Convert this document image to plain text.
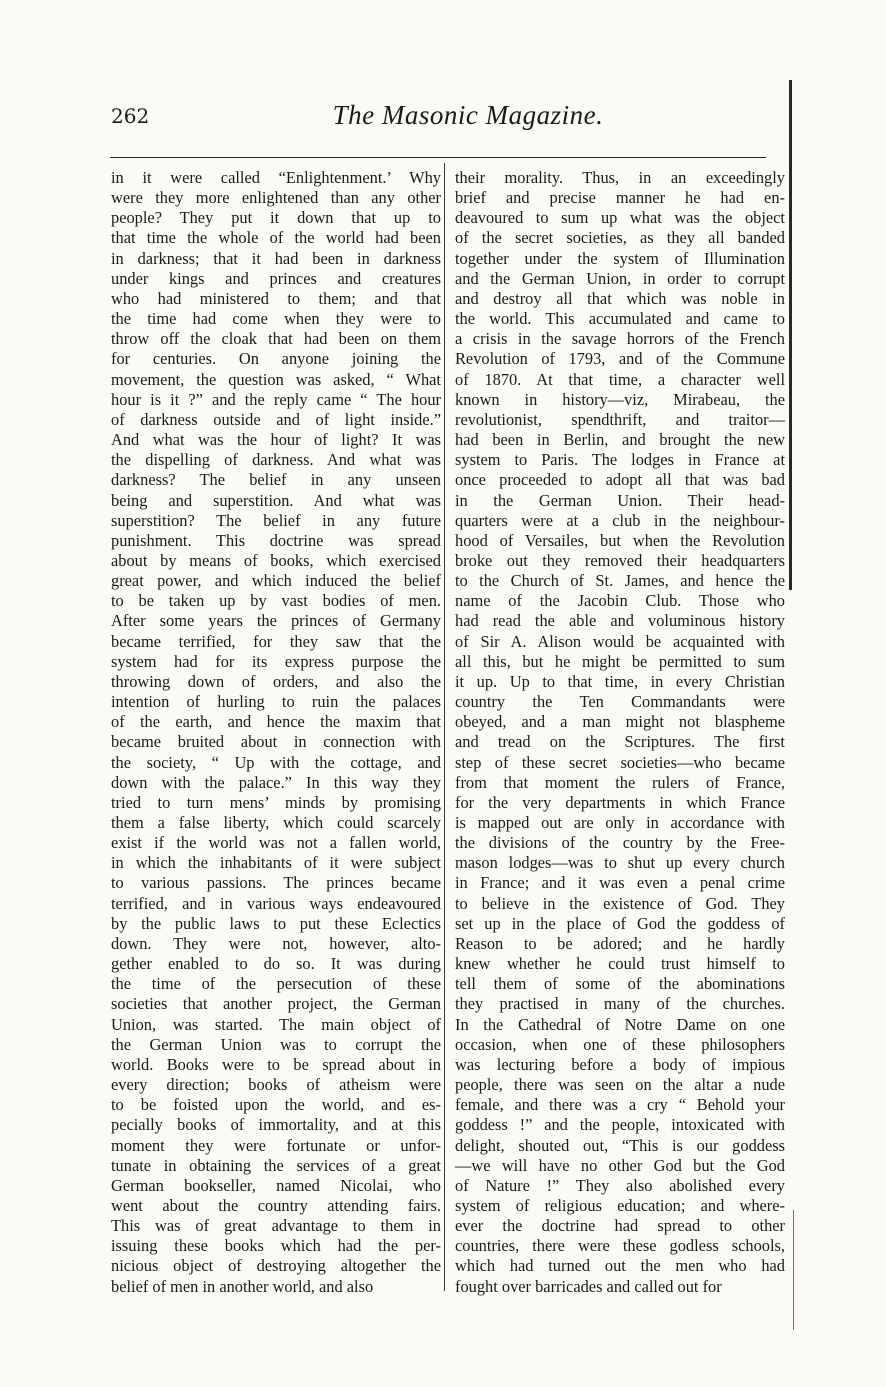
262	The Masonic Magazine.
in it were called “Enlightenment.’ Why
were they more enlightened than any other
people? They put it down that up to
that time the whole of the world had been
in darkness; that it had been in darkness
under kings and princes and creatures
who had ministered to them; and that
the time had come when they were to
throw off the cloak that had been on them
for centuries. On anyone joining the
movement, the question was asked, “ What
hour is it ?” and the reply came “ The hour
of darkness outside and of light inside.”
And what was the hour of light? It was
the dispelling of darkness. And what was
darkness? The belief in any unseen
being and superstition. And what was
superstition? The belief in any future
punishment. This doctrine was spread
about by means of books, which exercised
great power, and which induced the belief
to be taken up by vast bodies of men.
After some years the princes of Germany
became terrified, for they saw that the
system had for its express purpose the
throwing down of orders, and also the
intention of hurling to ruin the palaces
of the earth, and hence the maxim that
became bruited about in connection with
the society, “ Up with the cottage, and
down with the palace.” In this way they
tried to turn mens’ minds by promising
them a false liberty, which could scarcely
exist if the world was not a fallen world,
in which the inhabitants of it were subject
to various passions. The princes became
terrified, and in various ways endeavoured
by the public laws to put these Eclectics
down. They were not, however, alto-
gether enabled to do so. It was during
the time of the persecution of these
societies that another project, the German
Union, was started. The main object of
the German Union was to corrupt the
world. Books were to be spread about in
every direction; books of atheism were
to be foisted upon the world, and es-
pecially books of immortality, and at this
moment they were fortunate or unfor-
tunate in obtaining the services of a great
German bookseller, named Nicolai, who
went about the country attending fairs.
This was of great advantage to them in
issuing these books which had the per-
nicious object of destroying altogether the
belief of men in another world, and also
their morality. Thus, in an exceedingly
brief and precise manner he had en-
deavoured to sum up what was the object
of the secret societies, as they all banded
together under the system of Illumination
and the German Union, in order to corrupt
and destroy all that which was noble in
the world. This accumulated and came to
a crisis in the savage horrors of the French
Revolution of 1793, and of the Commune
of 1870. At that time, a character well
known in history—viz, Mirabeau, the
revolutionist, spendthrift, and traitor—
had been in Berlin, and brought the new
system to Paris. The lodges in France at
once proceeded to adopt all that was bad
in the German Union. Their head-
quarters were at a club in the neighbour-
hood of Versailes, but when the Revolution
broke out they removed their headquarters
to the Church of St. James, and hence the
name of the Jacobin Club. Those who
had read the able and voluminous history
of Sir A. Alison would be acquainted with
all this, but he might be permitted to sum
it up. Up to that time, in every Christian
country the Ten Commandants were
obeyed, and a man might not blaspheme
and tread on the Scriptures. The first
step of these secret societies—who became
from that moment the rulers of France,
for the very departments in which France
is mapped out are only in accordance with
the divisions of the country by the Free-
mason lodges—was to shut up every church
in France; and it was even a penal crime
to believe in the existence of God. They
set up in the place of God the goddess of
Reason to be adored; and he hardly
knew whether he could trust himself to
tell them of some of the abominations
they practised in many of the churches.
In the Cathedral of Notre Dame on one
occasion, when one of these philosophers
was lecturing before a body of impious
people, there was seen on the altar a nude
female, and there was a cry “ Behold your
goddess !” and the people, intoxicated with
delight, shouted out, “This is our goddess
—we will have no other God but the God
of Nature !” They also abolished every
system of religious education; and where-
ever the doctrine had spread to other
countries, there were these godless schools,
which had turned out the men who had
fought over barricades and called out for
